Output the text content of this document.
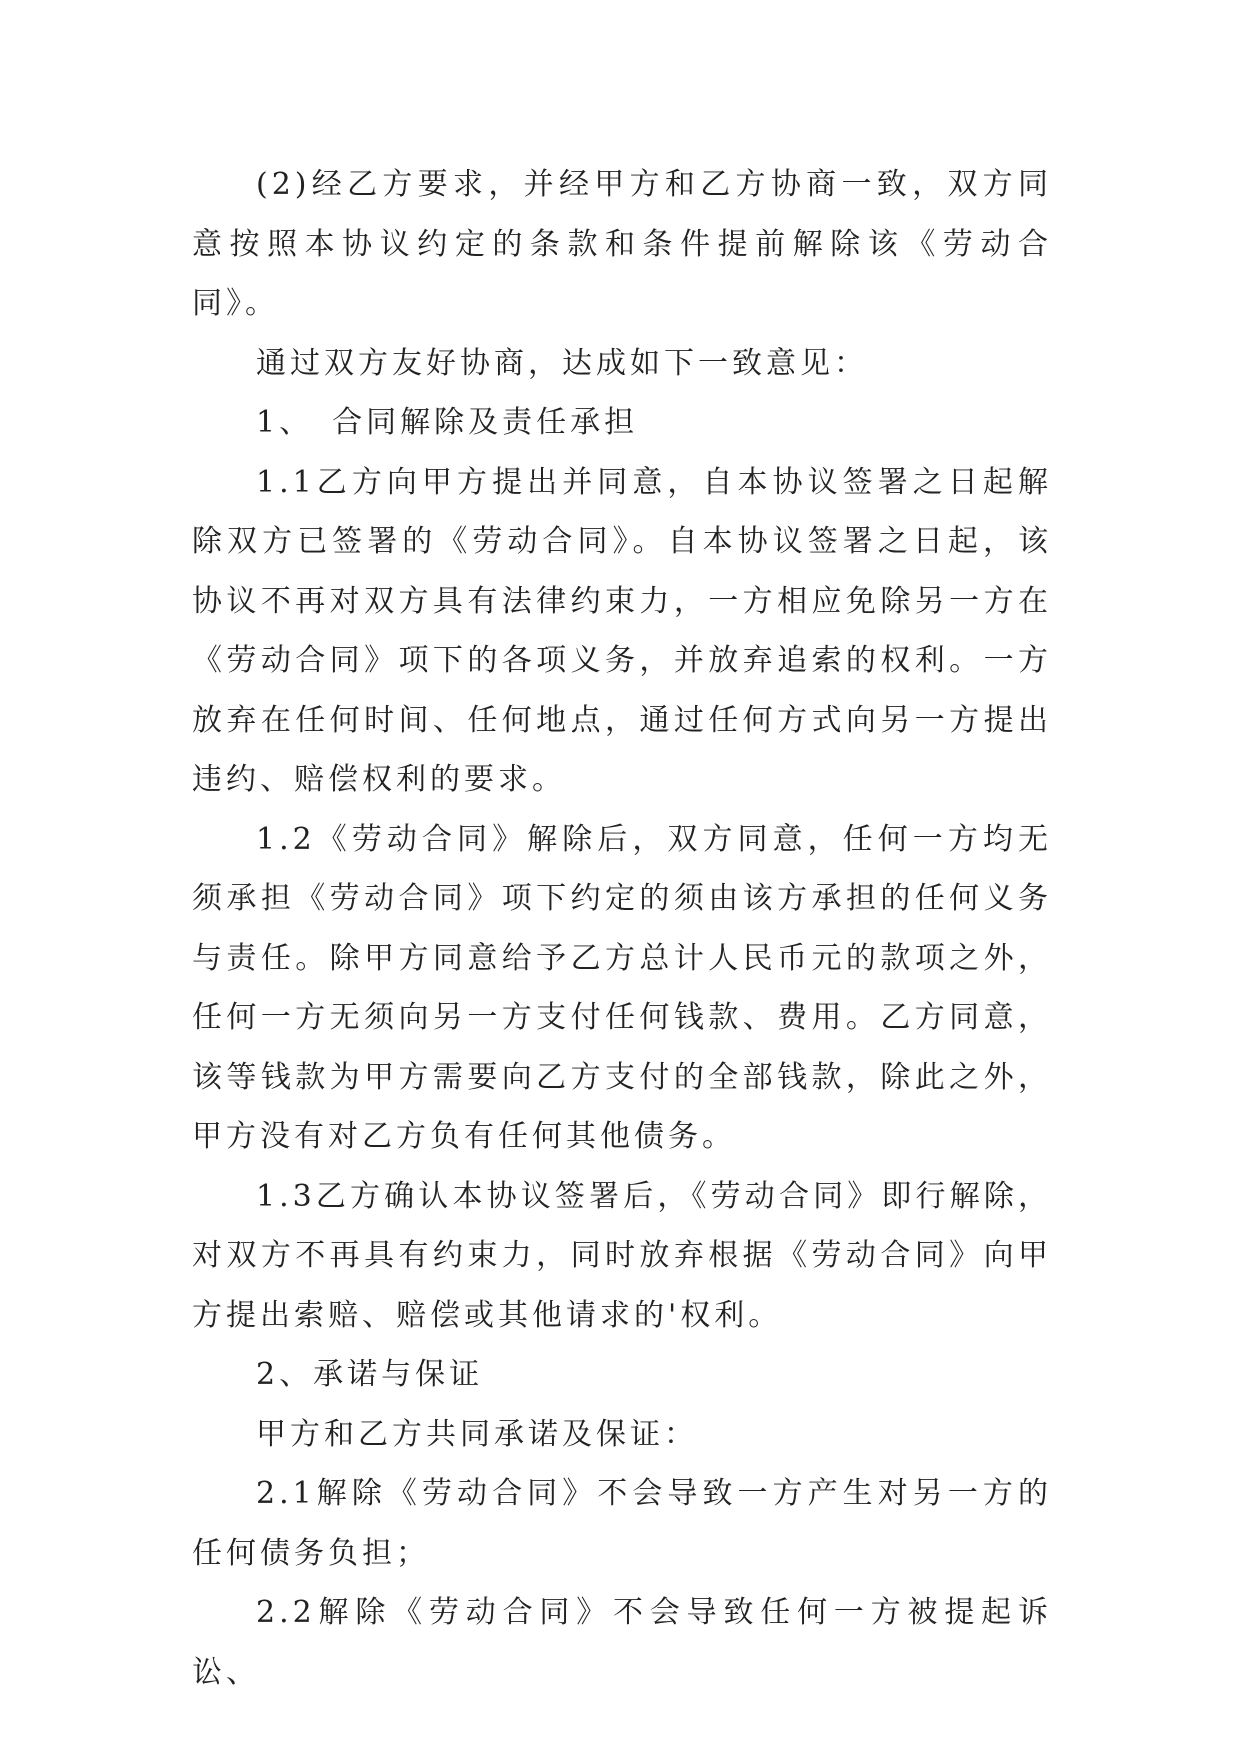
(2)经乙方要求，并经甲方和乙方协商一致，双方同意按照本协议约定的条款和条件提前解除该《劳动合同》。

通过双方友好协商，达成如下一致意见：

1、　合同解除及责任承担

1.1乙方向甲方提出并同意，自本协议签署之日起解除双方已签署的《劳动合同》。自本协议签署之日起，该协议不再对双方具有法律约束力，一方相应免除另一方在《劳动合同》项下的各项义务，并放弃追索的权利。一方放弃在任何时间、任何地点，通过任何方式向另一方提出违约、赔偿权利的要求。

1.2《劳动合同》解除后，双方同意，任何一方均无须承担《劳动合同》项下约定的须由该方承担的任何义务与责任。除甲方同意给予乙方总计人民币元的款项之外，任何一方无须向另一方支付任何钱款、费用。乙方同意，该等钱款为甲方需要向乙方支付的全部钱款，除此之外，甲方没有对乙方负有任何其他债务。

1.3乙方确认本协议签署后，《劳动合同》即行解除，对双方不再具有约束力，同时放弃根据《劳动合同》向甲方提出索赔、赔偿或其他请求的'权利。

2、承诺与保证

甲方和乙方共同承诺及保证：

2.1解除《劳动合同》不会导致一方产生对另一方的任何债务负担；

2.2解除《劳动合同》不会导致任何一方被提起诉讼、
